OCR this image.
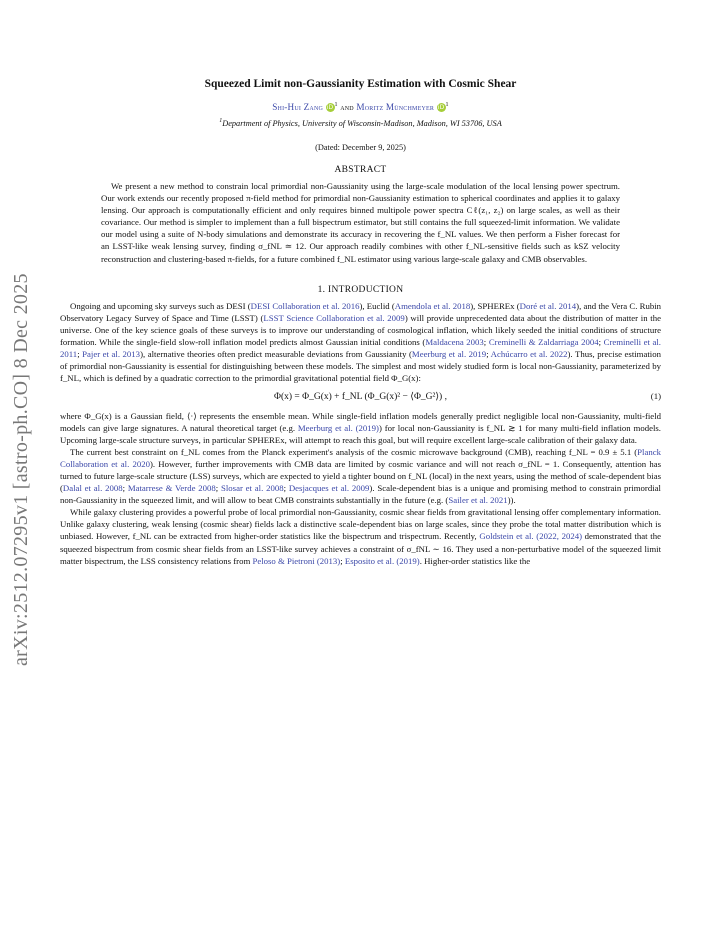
arXiv:2512.07295v1 [astro-ph.CO] 8 Dec 2025
Squeezed Limit non-Gaussianity Estimation with Cosmic Shear
Shi-Hui Zang $iD^1$ and Moritz Münchmeyer $iD^1$
$^1$Department of Physics, University of Wisconsin-Madison, Madison, WI 53706, USA
(Dated: December 9, 2025)
ABSTRACT
We present a new method to constrain local primordial non-Gaussianity using the large-scale modulation of the local lensing power spectrum. Our work extends our recently proposed π-field method for primordial non-Gaussianity estimation to spherical coordinates and applies it to galaxy lensing. Our approach is computationally efficient and only requires binned multipole power spectra Cℓ(z₁, z₂) on large scales, as well as their covariance. Our method is simpler to implement than a full bispectrum estimator, but still contains the full squeezed-limit information. We validate our model using a suite of N-body simulations and demonstrate its accuracy in recovering the f_NL values. We then perform a Fisher forecast for an LSST-like weak lensing survey, finding σ_fNL ≃ 12. Our approach readily combines with other f_NL-sensitive fields such as kSZ velocity reconstruction and clustering-based π-fields, for a future combined f_NL estimator using various large-scale galaxy and CMB observables.
1. INTRODUCTION

Ongoing and upcoming sky surveys such as DESI (DESI Collaboration et al. 2016), Euclid (Amendola et al. 2018), SPHEREx (Doré et al. 2014), and the Vera C. Rubin Observatory Legacy Survey of Space and Time (LSST) (LSST Science Collaboration et al. 2009) will provide unprecedented data about the distribution of matter in the universe. One of the key science goals of these surveys is to improve our understanding of cosmological inflation, which likely seeded the initial conditions of structure formation. While the single-field slow-roll inflation model predicts almost Gaussian initial conditions (Maldacena 2003; Creminelli & Zaldarriaga 2004; Creminelli et al. 2011; Pajer et al. 2013), alternative theories often predict measurable deviations from Gaussianity (Meerburg et al. 2019; Achúcarro et al. 2022). Thus, precise estimation of primordial non-Gaussianity is essential for distinguishing between these models. The simplest and most widely studied form is local non-Gaussianity, parameterized by f_NL, which is defined by a quadratic correction to the primordial gravitational potential field Φ_G(x):

Φ(x) = Φ_G(x) + f_NL (Φ_G(x)² − ⟨Φ_G²⟩) ,	(1)

where Φ_G(x) is a Gaussian field, ⟨·⟩ represents the ensemble mean. While single-field inflation models generally predict negligible local non-Gaussianity, multi-field models can give large signatures. A natural theoretical target (e.g. Meerburg et al. (2019)) for local non-Gaussianity is f_NL ≳ 1 for many multi-field inflation models. Upcoming large-scale structure surveys, in particular SPHEREx, will attempt to reach this goal, but will require excellent large-scale calibration of their galaxy data.

The current best constraint on f_NL comes from the Planck experiment's analysis of the cosmic microwave background (CMB), reaching f_NL = 0.9 ± 5.1 (Planck Collaboration et al. 2020). However, further improvements with CMB data are limited by cosmic variance and will not reach σ_fNL = 1. Consequently, attention has turned to future large-scale structure (LSS) surveys, which are expected to yield a tighter bound on f_NL (local) in the next years, using the method of scale-dependent bias (Dalal et al. 2008; Matarrese & Verde 2008; Slosar et al. 2008; Desjacques et al. 2009). Scale-dependent bias is a unique and promising method to constrain primordial non-Gaussianity in the squeezed limit, and will allow to beat CMB constraints substantially in the future (e.g. (Sailer et al. 2021)).

While galaxy clustering provides a powerful probe of local primordial non-Gaussianity, cosmic shear fields from gravitational lensing offer complementary information. Unlike galaxy clustering, weak lensing (cosmic shear) fields lack a distinctive scale-dependent bias on large scales, since they probe the total matter distribution which is unbiased. However, f_NL can be extracted from higher-order statistics like the bispectrum and trispectrum. Recently, Goldstein et al. (2022, 2024) demonstrated that the squeezed bispectrum from cosmic shear fields from an LSST-like survey achieves a constraint of σ_fNL ∼ 16. They used a non-perturbative model of the squeezed limit matter bispectrum, the LSS consistency relations from Peloso & Pietroni (2013); Esposito et al. (2019). Higher-order statistics like the
